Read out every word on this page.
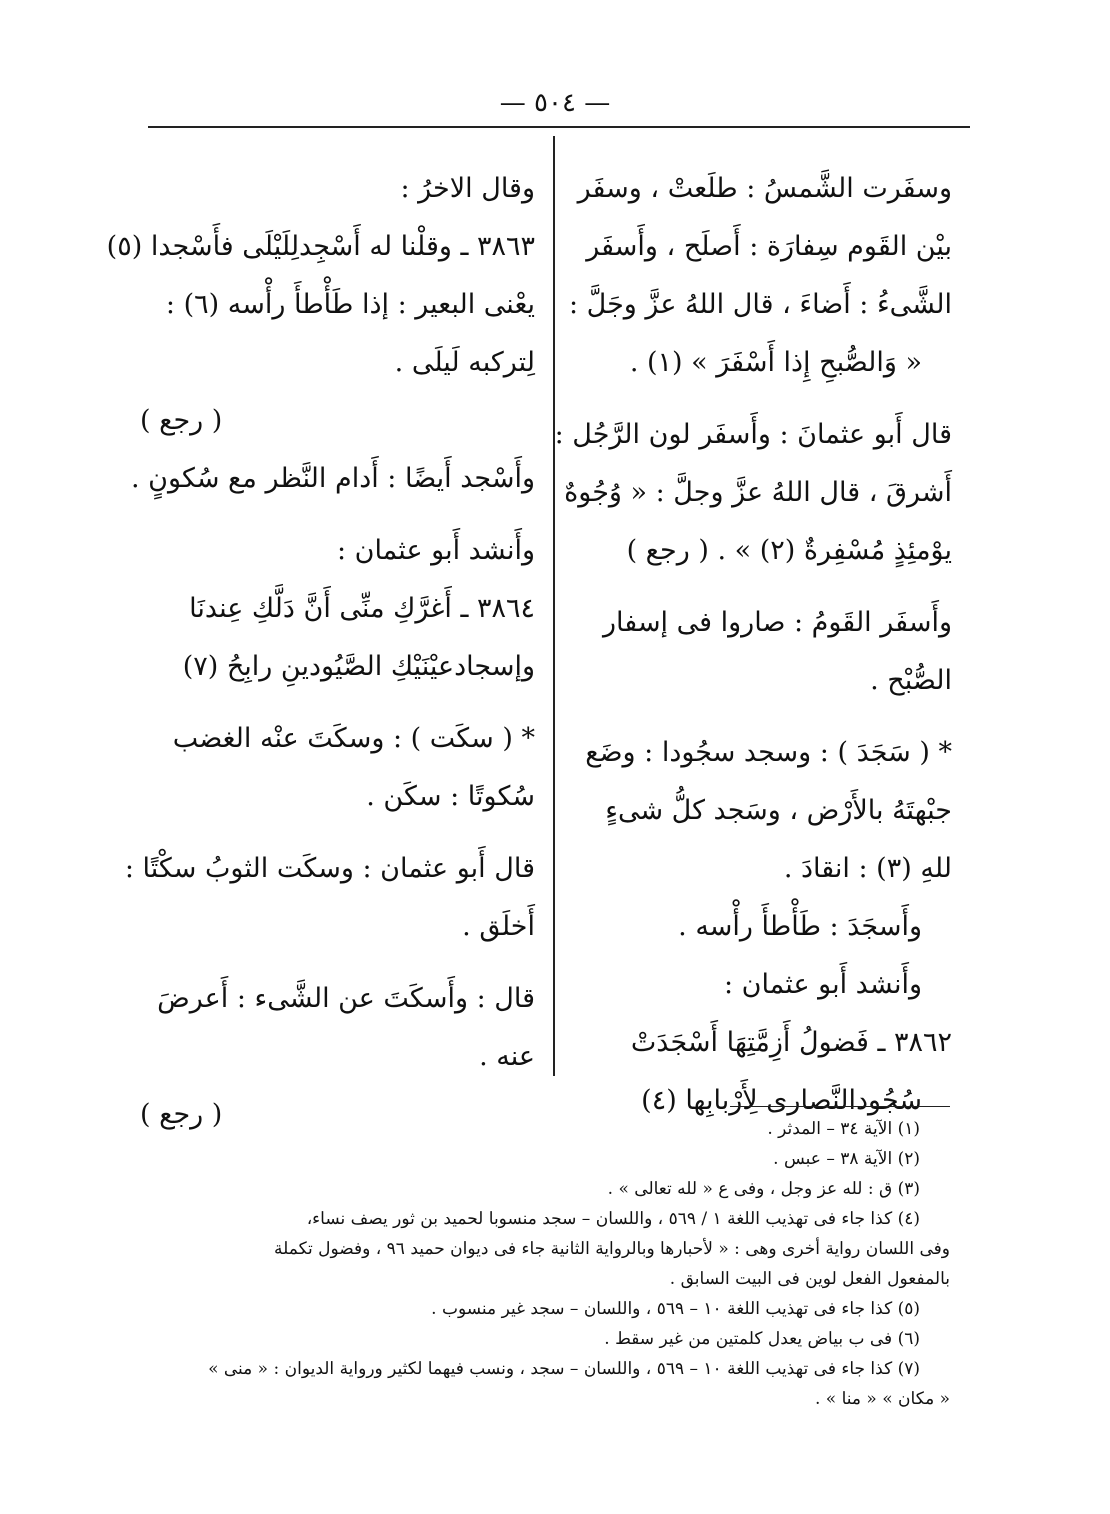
— ٥٠٤ —
وسفَرت الشَّمسُ : طلَعتْ ، وسفَر
بيْن القَوم سِفارَة : أَصلَح ، وأَسفَر
الشَّىءُ : أَضاءَ ، قال اللهُ عزَّ وجَلَّ :
« وَالصُّبحِ إِذا أَسْفَرَ » (١) .
قال أَبو عثمانَ : وأَسفَر لون الرَّجُل :
أَشرقَ ، قال اللهُ عزَّ وجلَّ : « وُجُوهٌ
يوْمئِذٍ مُسْفِرةٌ (٢) » . ( رجع )
وأَسفَر القَومُ : صاروا فى إسفار
الصُّبْح .
* ( سَجَدَ ) : وسجد سجُودا : وضَع
جبْهتَهُ بالأَرْض ، وسَجد كلُّ شىءٍ
للهِ (٣) : انقادَ .
وأَسجَدَ : طَأْطأَ رأْسه .
وأَنشد أَبو عثمان :
٣٨٦٢ ـ فَضولُ أَزِمَّتِهَا أَسْجَدَتْ
سُجُودالنَّصارى لِأَرْبابِها (٤)
وقال الاخرُ :
٣٨٦٣ ـ وقلْنا له أَسْجِدلِلَيْلَى فأَسْجدا (٥)
يعْنى البعير : إذا طَأْطأَ رأْسه (٦) :
لِتركبه لَيلَى .
( رجع )
وأَسْجد أَيضًا : أَدام النَّظر مع سُكونٍ .
وأَنشد أَبو عثمان :
٣٨٦٤ ـ أَغرَّكِ منِّى أَنَّ دَلَّكِ عِندنَا
وإسجادعيْنَيْكِ الصَّيُودينِ رابِحُ (٧)
* ( سكَت ) : وسكَتَ عنْه الغضب
سُكوتًا : سكَن .
قال أَبو عثمان : وسكَت الثوبُ سكْتًا :
أَخلَق .
قال : وأَسكَتَ عن الشَّىء : أَعرضَ
عنه .
( رجع )	(١) الآية ٣٤ – المدثر .
(٢) الآية ٣٨ – عبس .
(٣) ق : لله عز وجل ، وفى ع « لله تعالى » .
(٤) كذا جاء فى تهذيب اللغة ١ / ٥٦٩ ، واللسان – سجد منسوبا لحميد بن ثور يصف نساء،
وفى اللسان رواية أخرى وهى : « لأحبارها وبالرواية الثانية جاء فى ديوان حميد ٩٦ ، وفضول تكملة
بالمفعول الفعل لوين فى البيت السابق .
(٥) كذا جاء فى تهذيب اللغة ١٠ – ٥٦٩ ، واللسان – سجد غير منسوب .
(٦) فى ب بياض يعدل كلمتين من غير سقط .
(٧) كذا جاء فى تهذيب اللغة ١٠ – ٥٦٩ ، واللسان – سجد ، ونسب فيهما لكثير ورواية الديوان : « منى »
« مكان » « منا » .
